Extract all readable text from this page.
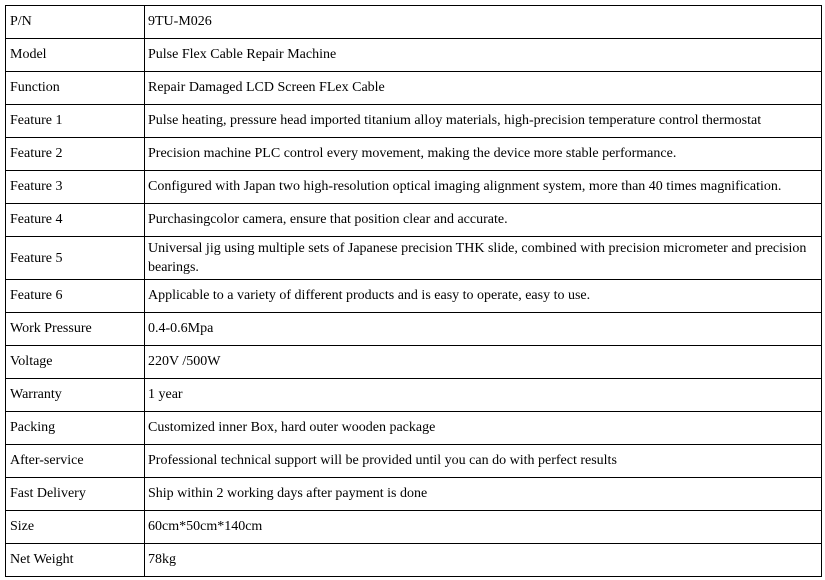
P/N	9TU-M026
Model	Pulse Flex Cable Repair Machine
Function	Repair Damaged LCD Screen FLex Cable
Feature 1	Pulse heating, pressure head imported titanium alloy materials, high-precision temperature control thermostat
Feature 2	Precision machine PLC control every movement, making the device more stable performance.
Feature 3	Configured with Japan two high-resolution optical imaging alignment system, more than 40 times magnification.
Feature 4	Purchasingcolor camera, ensure that position clear and accurate.
Feature 5	Universal jig using multiple sets of Japanese precision THK slide, combined with precision micrometer and precision bearings.
Feature 6	Applicable to a variety of different products and is easy to operate, easy to use.
Work Pressure	0.4-0.6Mpa
Voltage	220V /500W
Warranty	1 year
Packing	Customized inner Box, hard outer wooden package
After-service	Professional technical support will be provided until you can do with perfect results
Fast Delivery	Ship within 2 working days after payment is done
Size	60cm*50cm*140cm
Net Weight	78kg
